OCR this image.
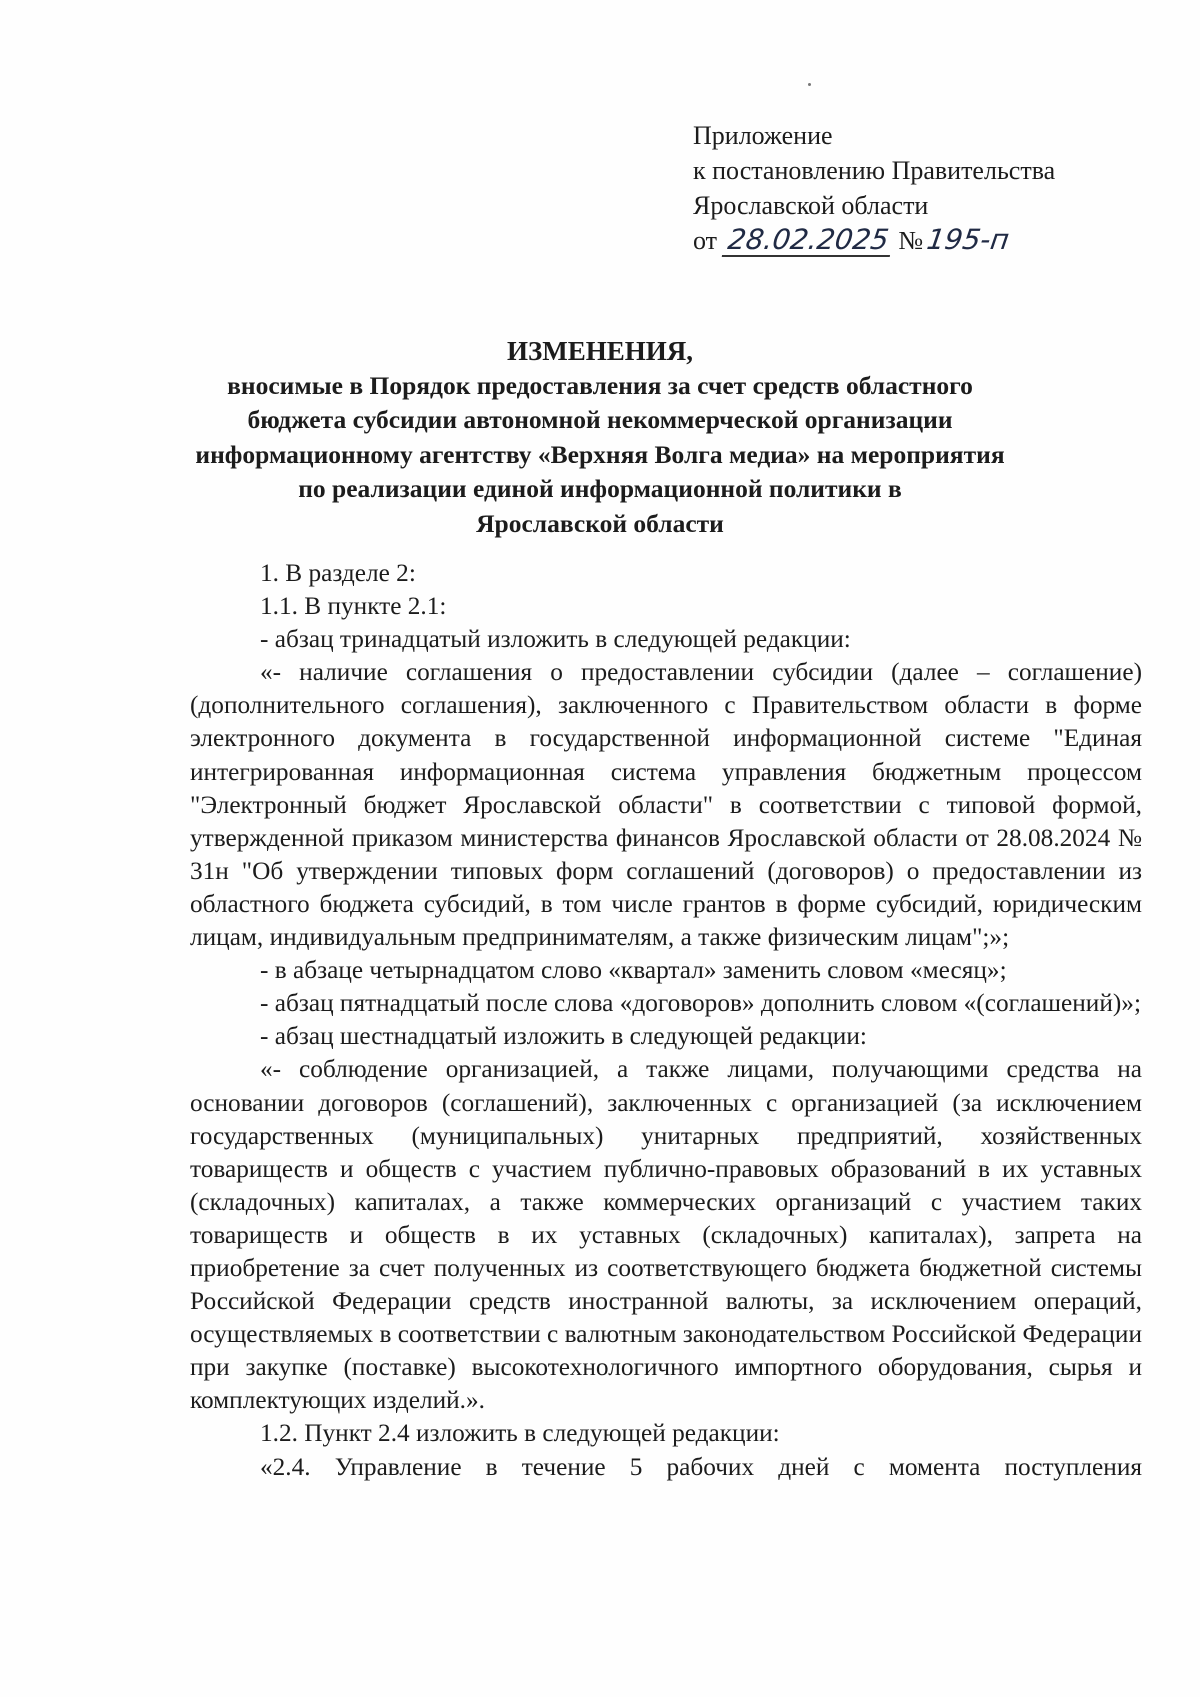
Приложение
к постановлению Правительства
Ярославской области
от 28.02.2025 №195-п
ИЗМЕНЕНИЯ,
вносимые в Порядок предоставления за счет средств областного
бюджета субсидии автономной некоммерческой организации
информационному агентству «Верхняя Волга медиа» на мероприятия
по реализации единой информационной политики в
Ярославской области

1. В разделе 2:

1.1. В пункте 2.1:

- абзац тринадцатый изложить в следующей редакции:

«- наличие соглашения о предоставлении субсидии (далее – соглашение) (дополнительного соглашения), заключенного с Правительством области в форме электронного документа в государственной информационной системе "Единая интегрированная информационная система управления бюджетным процессом "Электронный бюджет Ярославской области" в соответствии с типовой формой, утвержденной приказом министерства финансов Ярославской области от 28.08.2024 № 31н "Об утверждении типовых форм соглашений (договоров) о предоставлении из областного бюджета субсидий, в том числе грантов в форме субсидий, юридическим лицам, индивидуальным предпринимателям, а также физическим лицам";»;

- в абзаце четырнадцатом слово «квартал» заменить словом «месяц»;

- абзац пятнадцатый после слова «договоров» дополнить словом «(соглашений)»;

- абзац шестнадцатый изложить в следующей редакции:

«- соблюдение организацией, а также лицами, получающими средства на основании договоров (соглашений), заключенных с организацией (за исключением государственных (муниципальных) унитарных предприятий, хозяйственных товариществ и обществ с участием публично-правовых образований в их уставных (складочных) капиталах, а также коммерческих организаций с участием таких товариществ и обществ в их уставных (складочных) капиталах), запрета на приобретение за счет полученных из соответствующего бюджета бюджетной системы Российской Федерации средств иностранной валюты, за исключением операций, осуществляемых в соответствии с валютным законодательством Российской Федерации при закупке (поставке) высокотехнологичного импортного оборудования, сырья и комплектующих изделий.».

1.2. Пункт 2.4 изложить в следующей редакции:

«2.4. Управление в течение 5 рабочих дней с момента поступления
